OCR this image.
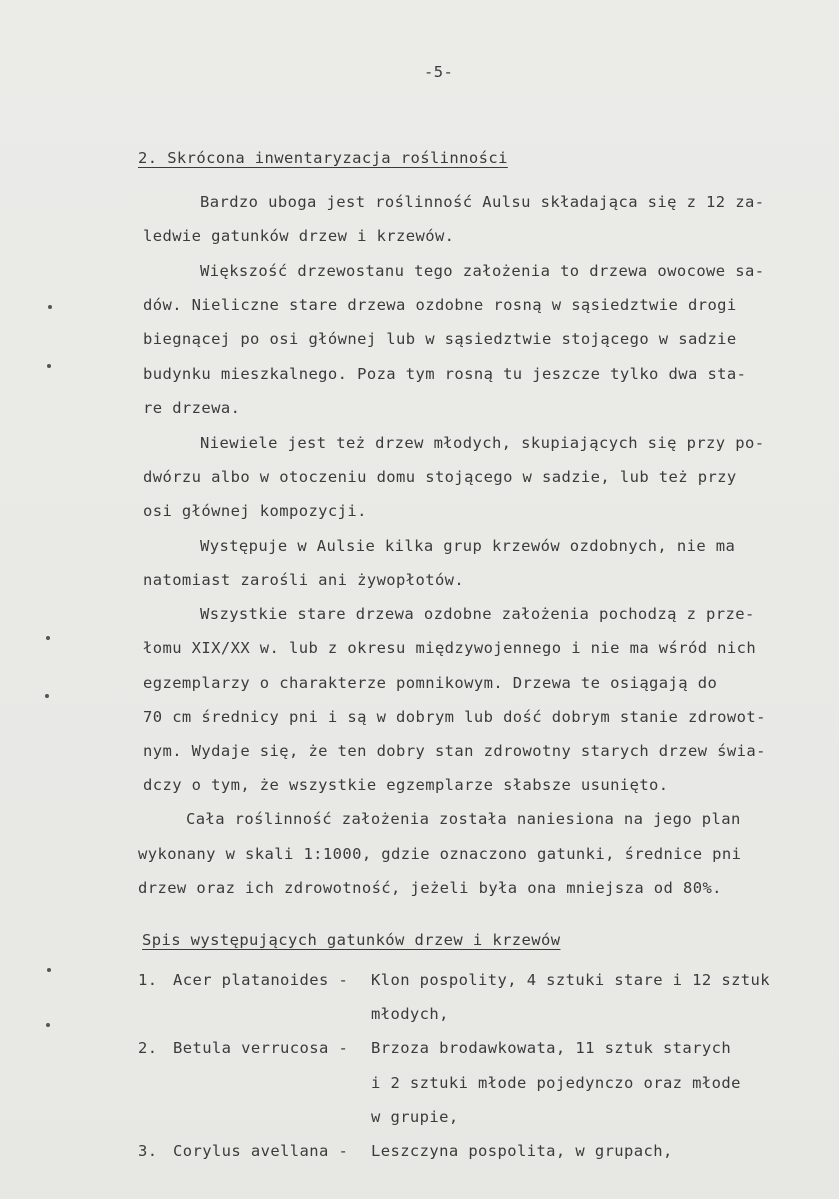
-5-
2. Skrócona inwentaryzacja roślinności
Bardzo uboga jest roślinność Aulsu składająca się z 12 za-
ledwie gatunków drzew i krzewów.
Większość drzewostanu tego założenia to drzewa owocowe sa-
dów. Nieliczne stare drzewa ozdobne rosną w sąsiedztwie drogi
biegnącej po osi głównej lub w sąsiedztwie stojącego w sadzie
budynku mieszkalnego. Poza tym rosną tu jeszcze tylko dwa sta-
re drzewa.
Niewiele jest też drzew młodych, skupiających się przy po-
dwórzu albo w otoczeniu domu stojącego w sadzie, lub też przy
osi głównej kompozycji.
Występuje w Aulsie kilka grup krzewów ozdobnych, nie ma
natomiast zarośli ani żywopłotów.
Wszystkie stare drzewa ozdobne założenia pochodzą z prze-
łomu XIX/XX w. lub z okresu międzywojennego i nie ma wśród nich
egzemplarzy o charakterze pomnikowym. Drzewa te osiągają do
70 cm średnicy pni i są w dobrym lub dość dobrym stanie zdrowot-
nym. Wydaje się, że ten dobry stan zdrowotny starych drzew świa-
dczy o tym, że wszystkie egzemplarze słabsze usunięto.
Cała roślinność założenia została naniesiona na jego plan
wykonany w skali 1:1000, gdzie oznaczono gatunki, średnice pni
drzew oraz ich zdrowotność, jeżeli była ona mniejsza od 80%.
Spis występujących gatunków drzew i krzewów
1. Acer platanoides - Klon pospolity, 4 sztuki stare i 12 sztuk
młodych,
2. Betula verrucosa - Brzoza brodawkowata, 11 sztuk starych
i 2 sztuki młode pojedynczo oraz młode
w grupie,
3. Corylus avellana - Leszczyna pospolita, w grupach,
